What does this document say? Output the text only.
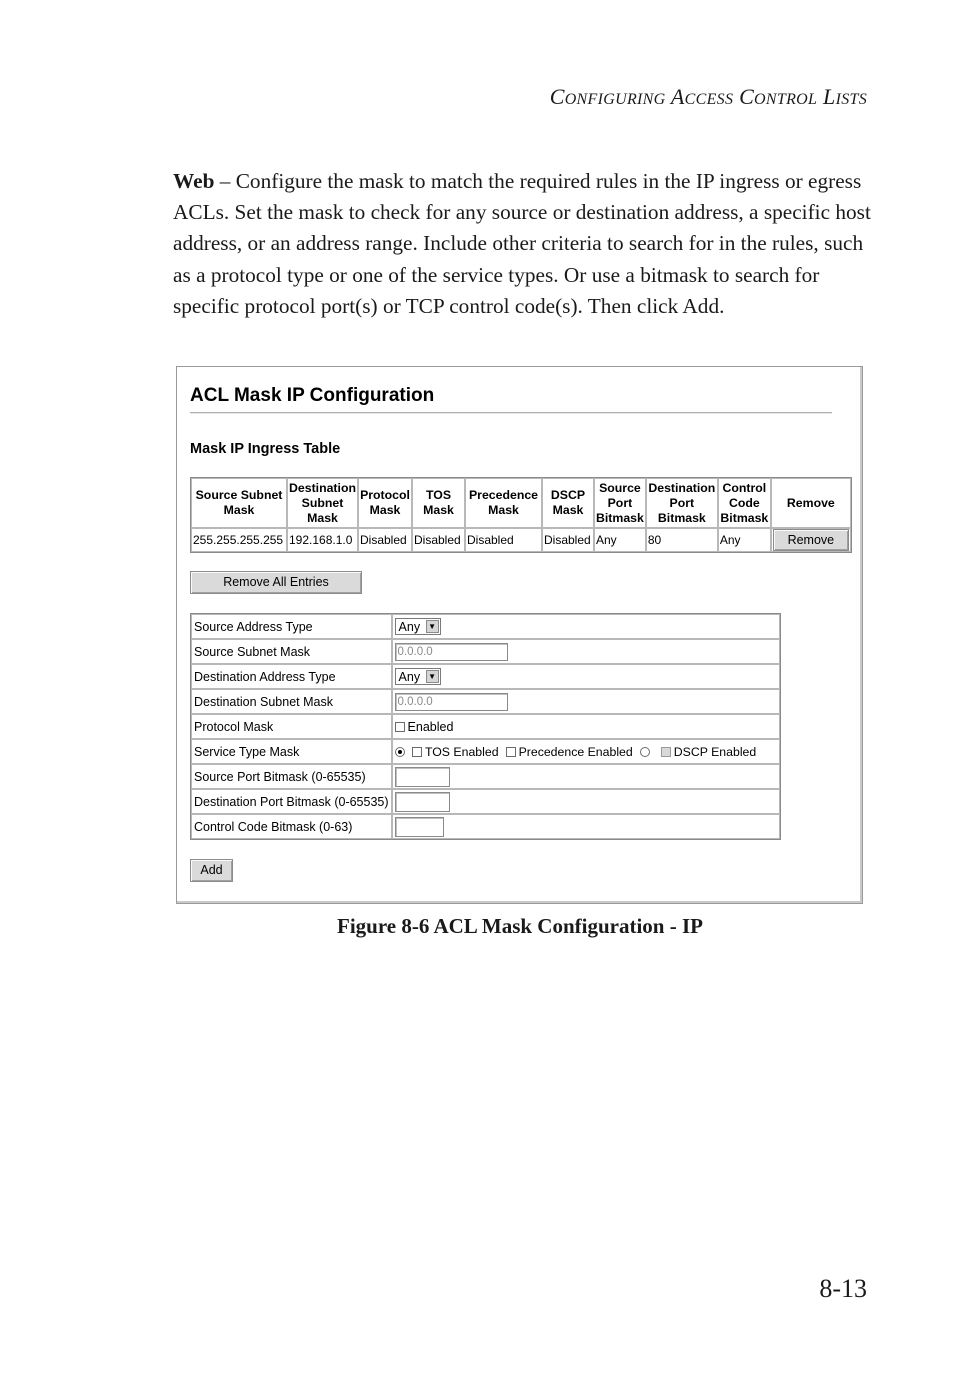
CONFIGURING ACCESS CONTROL LISTS
Web – Configure the mask to match the required rules in the IP ingress or egress ACLs. Set the mask to check for any source or destination address, a specific host address, or an address range. Include other criteria to search for in the rules, such as a protocol type or one of the service types. Or use a bitmask to search for specific protocol port(s) or TCP control code(s). Then click Add.
ACL Mask IP Configuration
Mask IP Ingress Table
Source Subnet Mask	Destination Subnet Mask	Protocol Mask	TOS Mask	Precedence Mask	DSCP Mask	Source Port Bitmask	Destination Port Bitmask	Control Code Bitmask	Remove
255.255.255.255	192.168.1.0	Disabled	Disabled	Disabled	Disabled	Any	80	Any	Remove
Remove All Entries
Source Address Type	Any ▼

Source Subnet Mask	0.0.0.0
Destination Address Type	Any ▼

Destination Subnet Mask	0.0.0.0
Protocol Mask	Enabled
Service Type Mask	TOS Enabled Precedence Enabled DSCP Enabled
Source Port Bitmask (0-65535)	
Destination Port Bitmask (0-65535)	
Control Code Bitmask (0-63)	
Add
Figure 8-6 ACL Mask Configuration - IP
8-13
